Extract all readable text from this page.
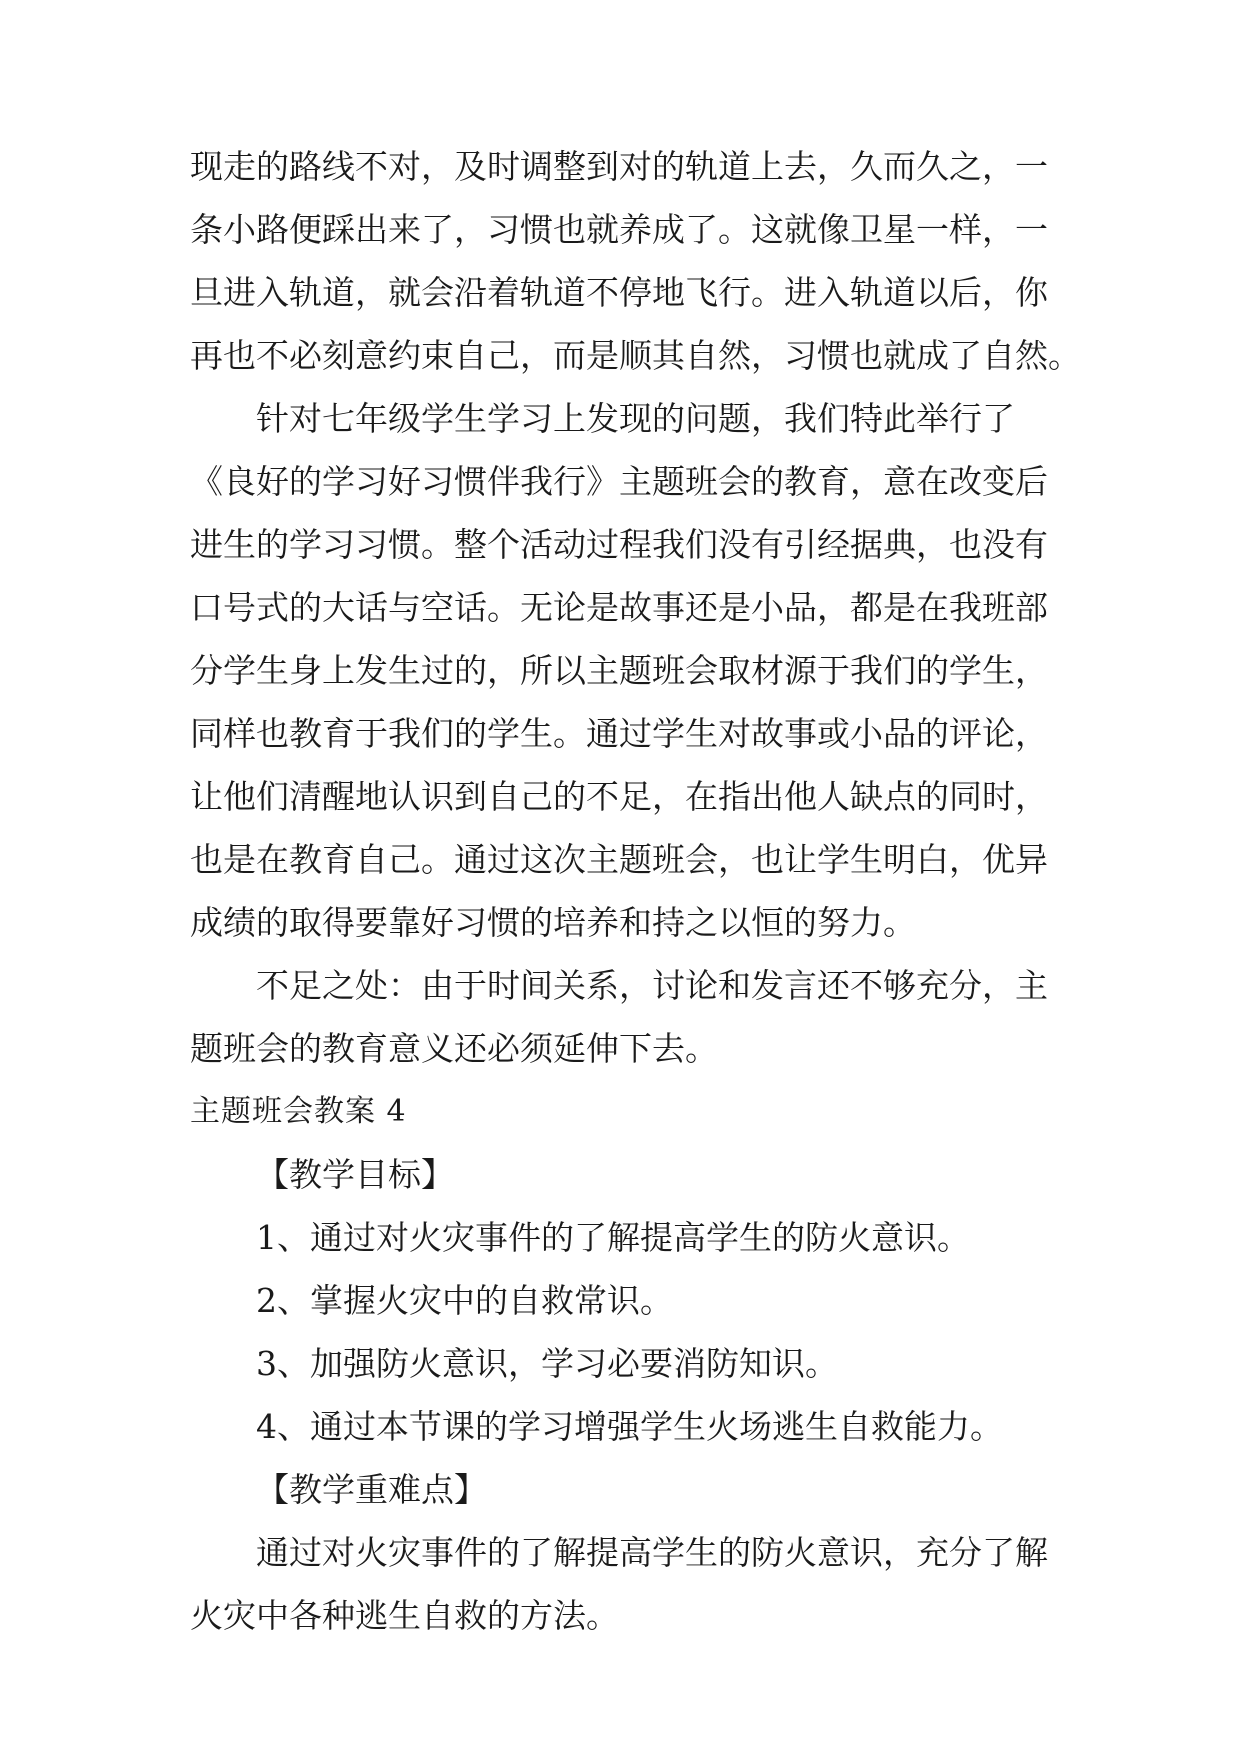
现走的路线不对，及时调整到对的轨道上去，久而久之，一
条小路便踩出来了，习惯也就养成了。这就像卫星一样，一
旦进入轨道，就会沿着轨道不停地飞行。进入轨道以后，你
再也不必刻意约束自己，而是顺其自然，习惯也就成了自然。
针对七年级学生学习上发现的问题，我们特此举行了
《良好的学习好习惯伴我行》主题班会的教育，意在改变后
进生的学习习惯。整个活动过程我们没有引经据典，也没有
口号式的大话与空话。无论是故事还是小品，都是在我班部
分学生身上发生过的，所以主题班会取材源于我们的学生，
同样也教育于我们的学生。通过学生对故事或小品的评论，
让他们清醒地认识到自己的不足，在指出他人缺点的同时，
也是在教育自己。通过这次主题班会，也让学生明白，优异
成绩的取得要靠好习惯的培养和持之以恒的努力。
不足之处：由于时间关系，讨论和发言还不够充分，主
题班会的教育意义还必须延伸下去。
主题班会教案 4
【教学目标】
1、通过对火灾事件的了解提高学生的防火意识。
2、掌握火灾中的自救常识。
3、加强防火意识，学习必要消防知识。
4、通过本节课的学习增强学生火场逃生自救能力。
【教学重难点】
通过对火灾事件的了解提高学生的防火意识，充分了解
火灾中各种逃生自救的方法。
